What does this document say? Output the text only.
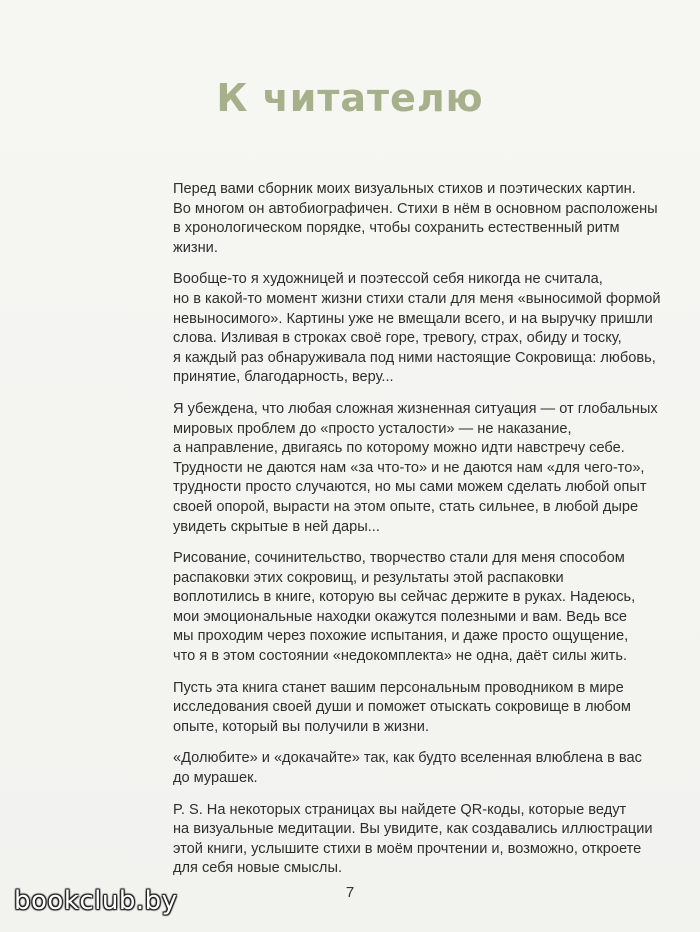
К читателю

Перед вами сборник моих визуальных стихов и поэтических картин.
Во многом он автобиографичен. Стихи в нём в основном расположены
в хронологическом порядке, чтобы сохранить естественный ритм
жизни.

Вообще-то я художницей и поэтессой себя никогда не считала,
но в какой-то момент жизни стихи стали для меня «выносимой формой
невыносимого». Картины уже не вмещали всего, и на выручку пришли
слова. Изливая в строках своё горе, тревогу, страх, обиду и тоску,
я каждый раз обнаруживала под ними настоящие Сокровища: любовь,
принятие, благодарность, веру...

Я убеждена, что любая сложная жизненная ситуация — от глобальных
мировых проблем до «просто усталости» — не наказание,
а направление, двигаясь по которому можно идти навстречу себе.
Трудности не даются нам «за что-то» и не даются нам «для чего-то»,
трудности просто случаются, но мы сами можем сделать любой опыт
своей опорой, вырасти на этом опыте, стать сильнее, в любой дыре
увидеть скрытые в ней дары...

Рисование, сочинительство, творчество стали для меня способом
распаковки этих сокровищ, и результаты этой распаковки
воплотились в книге, которую вы сейчас держите в руках. Надеюсь,
мои эмоциональные находки окажутся полезными и вам. Ведь все
мы проходим через похожие испытания, и даже просто ощущение,
что я в этом состоянии «недокомплекта» не одна, даёт силы жить.

Пусть эта книга станет вашим персональным проводником в мире
исследования своей души и поможет отыскать сокровище в любом
опыте, который вы получили в жизни.

«Долюбите» и «докачайте» так, как будто вселенная влюблена в вас
до мурашек.

P. S. На некоторых страницах вы найдете QR-коды, которые ведут
на визуальные медитации. Вы увидите, как создавались иллюстрации
этой книги, услышите стихи в моём прочтении и, возможно, откроете
для себя новые смыслы.

7
bookclub.by
